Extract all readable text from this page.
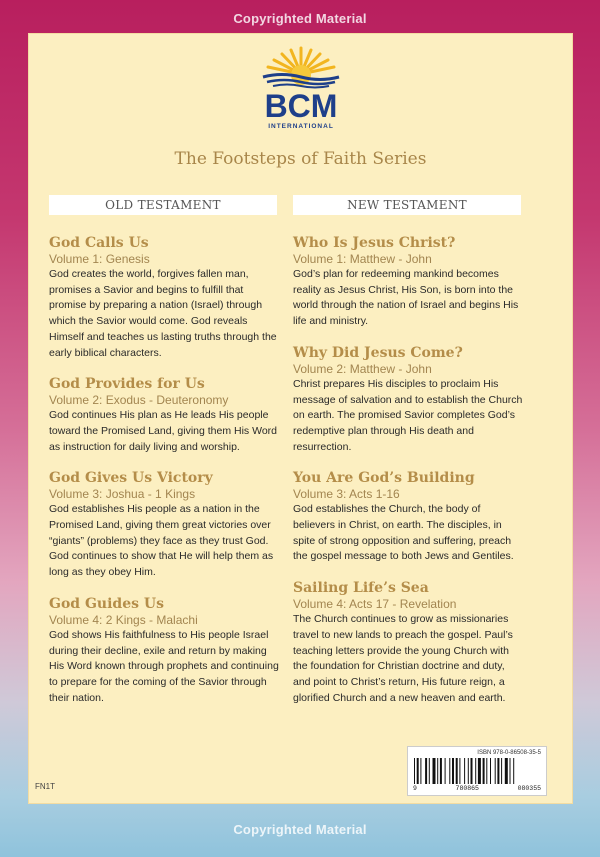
Copyrighted Material
BCM
INTERNATIONAL
The Footsteps of Faith Series
OLD TESTAMENT	NEW TESTAMENT
God Calls Us
Volume 1: Genesis
God creates the world, forgives fallen man, promises a Savior and begins to fulfill that promise by preparing a nation (Israel) through which the Savior would come. God reveals Himself and teaches us lasting truths through the early biblical characters.
God Provides for Us
Volume 2: Exodus - Deuteronomy
God continues His plan as He leads His people toward the Promised Land, giving them His Word as instruction for daily living and worship.
God Gives Us Victory
Volume 3: Joshua - 1 Kings
God establishes His people as a nation in the Promised Land, giving them great victories over “giants” (problems) they face as they trust God. God continues to show that He will help them as long as they obey Him.
God Guides Us
Volume 4: 2 Kings - Malachi
God shows His faithfulness to His people Israel during their decline, exile and return by making His Word known through prophets and continuing to prepare for the coming of the Savior through their nation.
Who Is Jesus Christ?
Volume 1: Matthew - John
God’s plan for redeeming mankind becomes reality as Jesus Christ, His Son, is born into the world through the nation of Israel and begins His life and ministry.
Why Did Jesus Come?
Volume 2: Matthew - John
Christ prepares His disciples to proclaim His message of salvation and to establish the Church on earth. The promised Savior completes God’s redemptive plan through His death and resurrection.
You Are God’s Building
Volume 3: Acts 1-16
God establishes the Church, the body of believers in Christ, on earth. The disciples, in spite of strong opposition and suffering, preach the gospel message to both Jews and Gentiles.
Sailing Life’s Sea
Volume 4: Acts 17 - Revelation
The Church continues to grow as missionaries travel to new lands to preach the gospel. Paul’s teaching letters provide the young Church with the foundation for Christian doctrine and duty, and point to Christ’s return, His future reign, a glorified Church and a new heaven and earth.
ISBN 978-0-86508-35-5
9	780865	080355
FN1T
Copyrighted Material
